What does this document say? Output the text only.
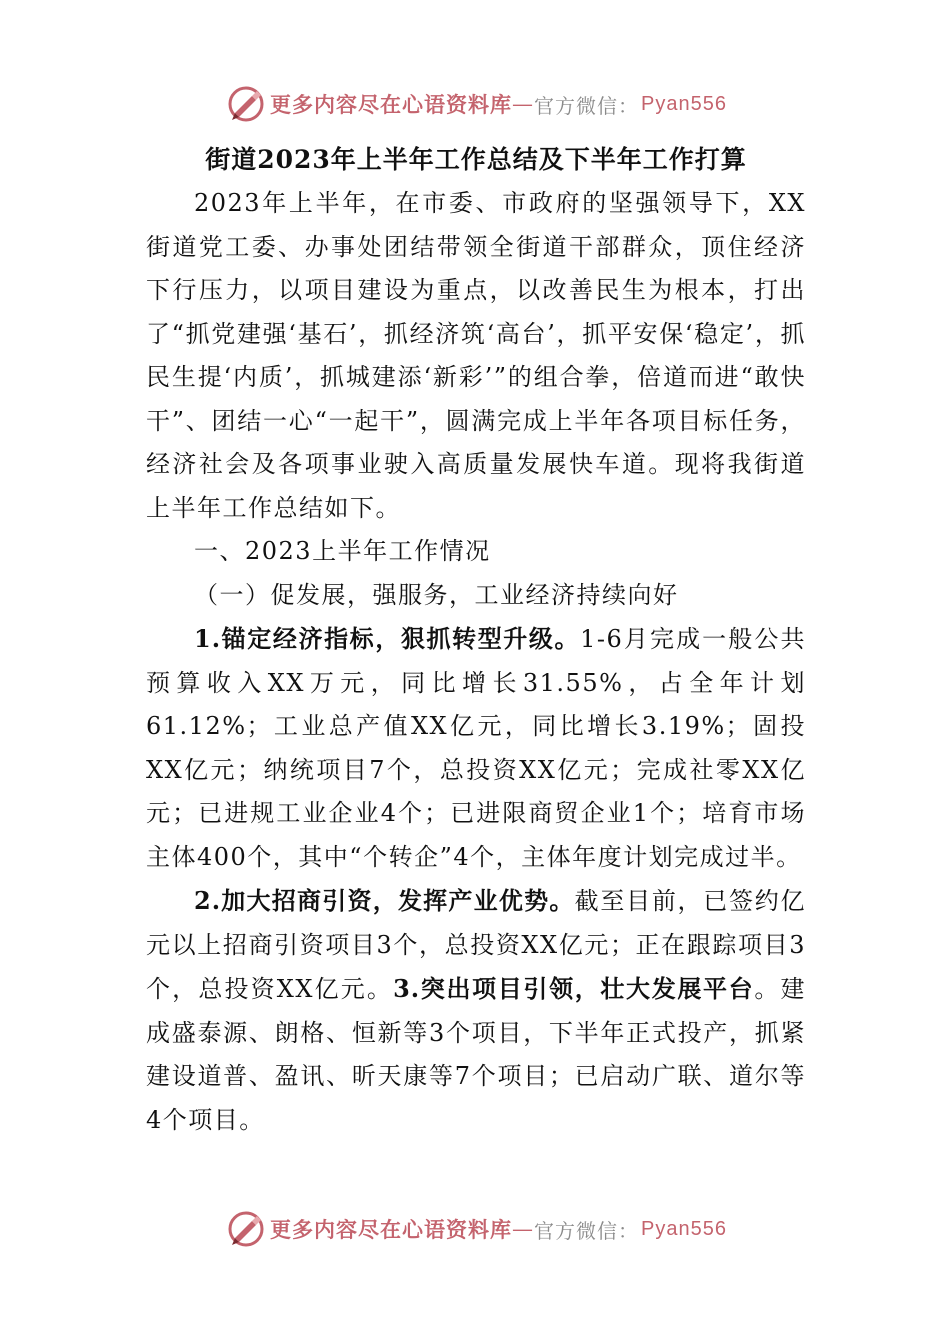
更多内容尽在心语资料库 — 官方微信： Pyan556
街道2023年上半年工作总结及下半年工作打算

2023年上半年，在市委、市政府的坚强领导下，XX街道党工委、办事处团结带领全街道干部群众，顶住经济下行压力，以项目建设为重点，以改善民生为根本，打出了“抓党建强‘基石’，抓经济筑‘高台’，抓平安保‘稳定’，抓民生提‘内质’，抓城建添‘新彩’”的组合拳，倍道而进“敢快干”、团结一心“一起干”，圆满完成上半年各项目标任务，经济社会及各项事业驶入高质量发展快车道。现将我街道上半年工作总结如下。

一、2023上半年工作情况

（一）促发展，强服务，工业经济持续向好

1.锚定经济指标，狠抓转型升级。1-6月完成一般公共预算收入XX万元，同比增长31.55%，占全年计划61.12%；工业总产值XX亿元，同比增长3.19%；固投XX亿元；纳统项目7个，总投资XX亿元；完成社零XX亿元；已进规工业企业4个；已进限商贸企业1个；培育市场主体400个，其中“个转企”4个，主体年度计划完成过半。

2.加大招商引资，发挥产业优势。截至目前，已签约亿元以上招商引资项目3个，总投资XX亿元；正在跟踪项目3个，总投资XX亿元。3.突出项目引领，壮大发展平台。建成盛泰源、朗格、恒新等3个项目，下半年正式投产，抓紧建设道普、盈讯、昕天康等7个项目；已启动广联、道尔等4个项目。

更多内容尽在心语资料库 — 官方微信： Pyan556
